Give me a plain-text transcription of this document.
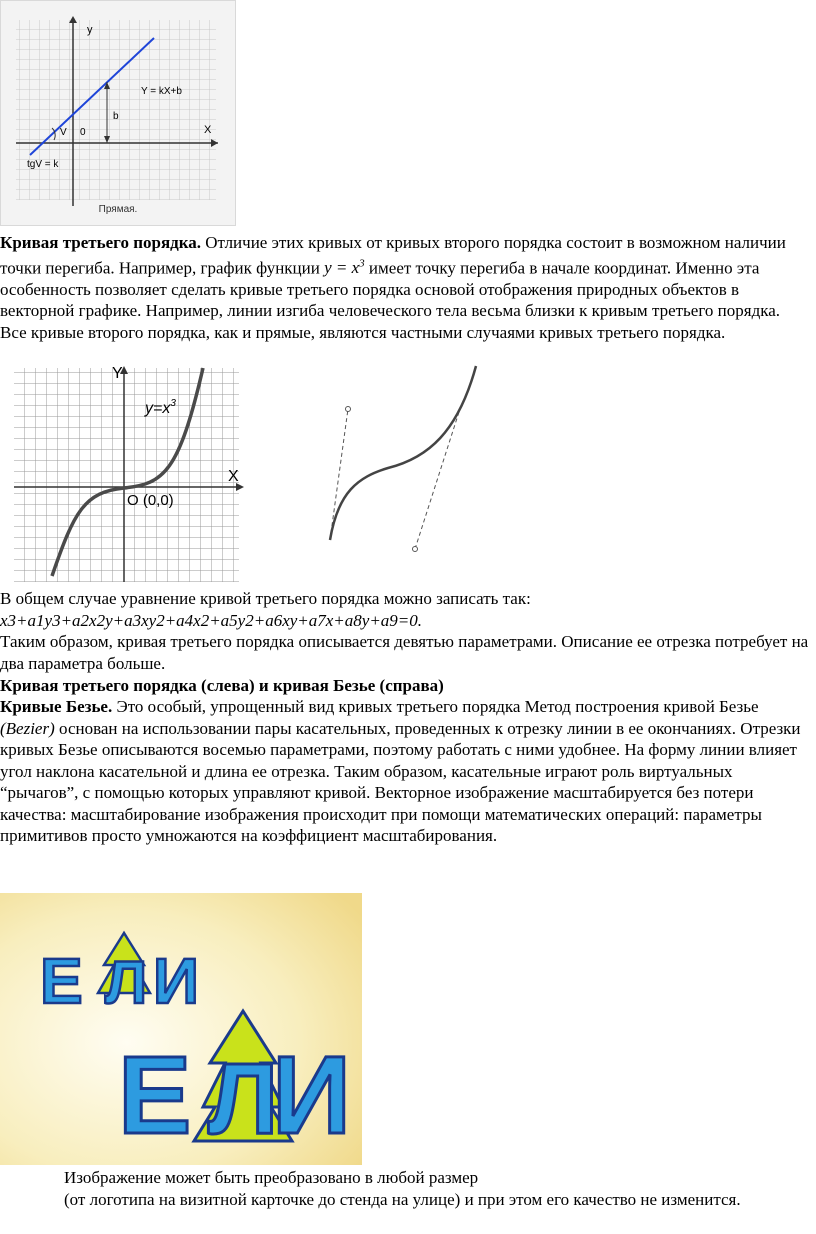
y
X
Y = kX+b
b
V 0
tgV = k
Прямая.
Кривая третьего порядка. Отличие этих кривых от кривых второго порядка состоит в возможном наличии точки перегиба. Например, график функции $y = x^3$ имеет точку перегиба в начале координат. Именно эта особенность позволяет сделать кривые третьего порядка основой отображения природных объектов в векторной графике. Например, линии изгиба человеческого тела весьма близки к кривым третьего порядка. Все кривые второго порядка, как и прямые, являются частными случаями кривых третьего порядка.
Y
X
$y=x^3$
O (0,0)
В общем случае уравнение кривой третьего порядка можно записать так:
x3+a1y3+a2x2y+a3xy2+a4x2+a5y2+a6xy+a7x+a8y+a9=0.
Таким образом, кривая третьего порядка описывается девятью параметрами. Описание ее отрезка потребует на два параметра больше.
Кривая третьего порядка (слева) и кривая Безье (справа)
Кривые Безье. Это особый, упрощенный вид кривых третьего порядка Метод построения кривой Безье (Bezier) основан на использовании пары касательных, проведенных к отрезку линии в ее окончаниях. Отрезки кривых Безье описываются восемью параметрами, поэтому работать с ними удобнее. На форму линии влияет угол наклона касательной и длина ее отрезка. Таким образом, касательные играют роль виртуальных “рычагов”, с помощью которых управляют кривой. Векторное изображение масштабируется без потери качества: масштабирование изображения происходит при помощи математических операций: параметры примитивов просто умножаются на коэффициент масштабирования.
Е Л И
Е Л
И
Изображение может быть преобразовано в любой размер
(от логотипа на визитной карточке до стенда на улице) и при этом его качество не изменится.
